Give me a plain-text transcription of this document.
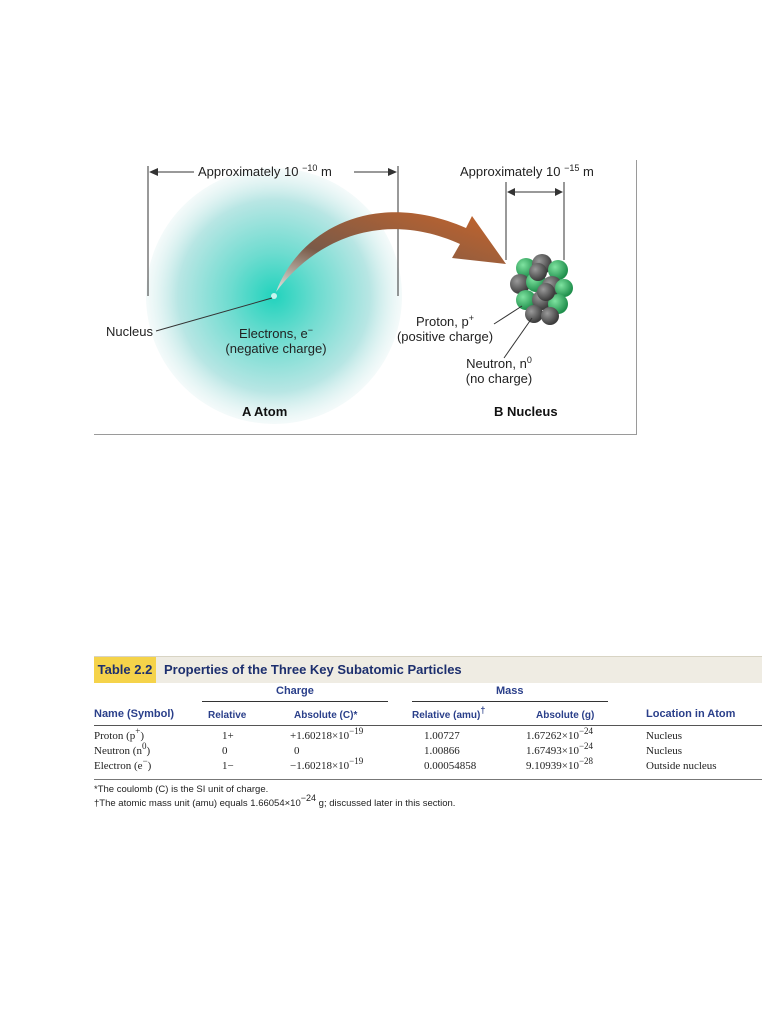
Approximately 10 $^{-10}$ m	Approximately 10 $^{-15}$ m
Nucleus	Electrons, e−
(negative charge)
Proton, p+
(positive charge)
Neutron, $n^0$
(no charge)
A Atom	B Nucleus
Table 2.2 Properties of the Three Key Subatomic Particles
Charge	Mass
Name (Symbol)	Relative	Absolute (C)*	Relative (amu)†	Absolute (g)	Location in Atom
Proton (p+)	1+	$+1.60218\times 10^{-19}$	1.00727	$1.67262\times 10^{-24}$	Nucleus
Neutron $(n^0)$	0	0	1.00866	$1.67493\times 10^{-24}$	Nucleus
Electron (e−)	1−	$-1.60218\times 10^{-19}$	0.00054858	$9.10939\times 10^{-28}$	Outside nucleus
*The coulomb (C) is the SI unit of charge.
†The atomic mass unit (amu) equals $1.66054\times 10^{-24}$ g; discussed later in this section.
